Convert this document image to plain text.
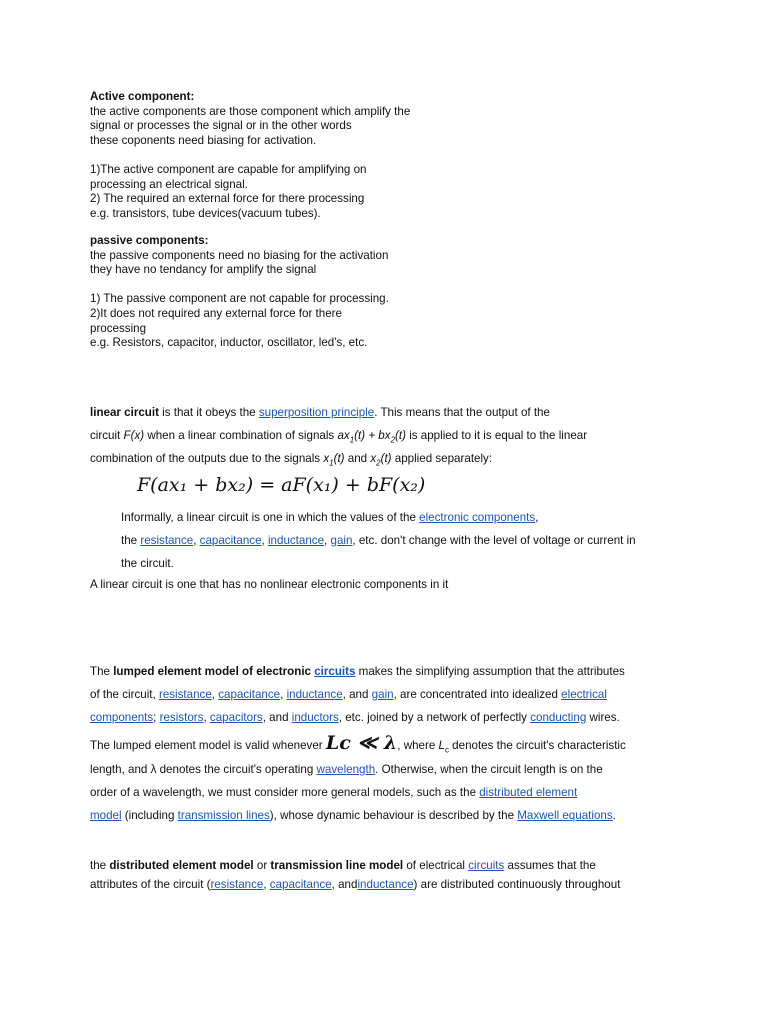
Active component:
the active components are those component which amplify the
signal or processes the signal or in the other words
these coponents need biasing for activation.
1)The active component are capable for amplifying on
processing an electrical signal.
2) The required an external force for there processing
e.g. transistors, tube devices(vacuum tubes).
passive components:
the passive components need no biasing for the activation
they have no tendancy for amplify the signal
1) The passive component are not capable for processing.
2)It does not required any external force for there
processing
e.g. Resistors, capacitor, inductor, oscillator, led's, etc.
linear circuit is that it obeys the superposition principle. This means that the output of the
circuit F(x) when a linear combination of signals $ax_1(t) + bx_2(t)$ is applied to it is equal to the linear
combination of the outputs due to the signals $x_1(t)$ and $x_2(t)$ applied separately:
F(ax₁ + bx₂) = aF(x₁) + bF(x₂)
Informally, a linear circuit is one in which the values of the electronic components,
the resistance, capacitance, inductance, gain, etc. don't change with the level of voltage or current in
the circuit.
A linear circuit is one that has no nonlinear electronic components in it
The lumped element model of electronic circuits makes the simplifying assumption that the attributes
of the circuit, resistance, capacitance, inductance, and gain, are concentrated into idealized electrical
components; resistors, capacitors, and inductors, etc. joined by a network of perfectly conducting wires.
The lumped element model is valid whenever Lc ≪ λ, where $L_c$ denotes the circuit's characteristic
length, and λ denotes the circuit's operating wavelength. Otherwise, when the circuit length is on the
order of a wavelength, we must consider more general models, such as the distributed element
model (including transmission lines), whose dynamic behaviour is described by the Maxwell equations.
the distributed element model or transmission line model of electrical circuits assumes that the
attributes of the circuit (resistance, capacitance, andinductance) are distributed continuously throughout
